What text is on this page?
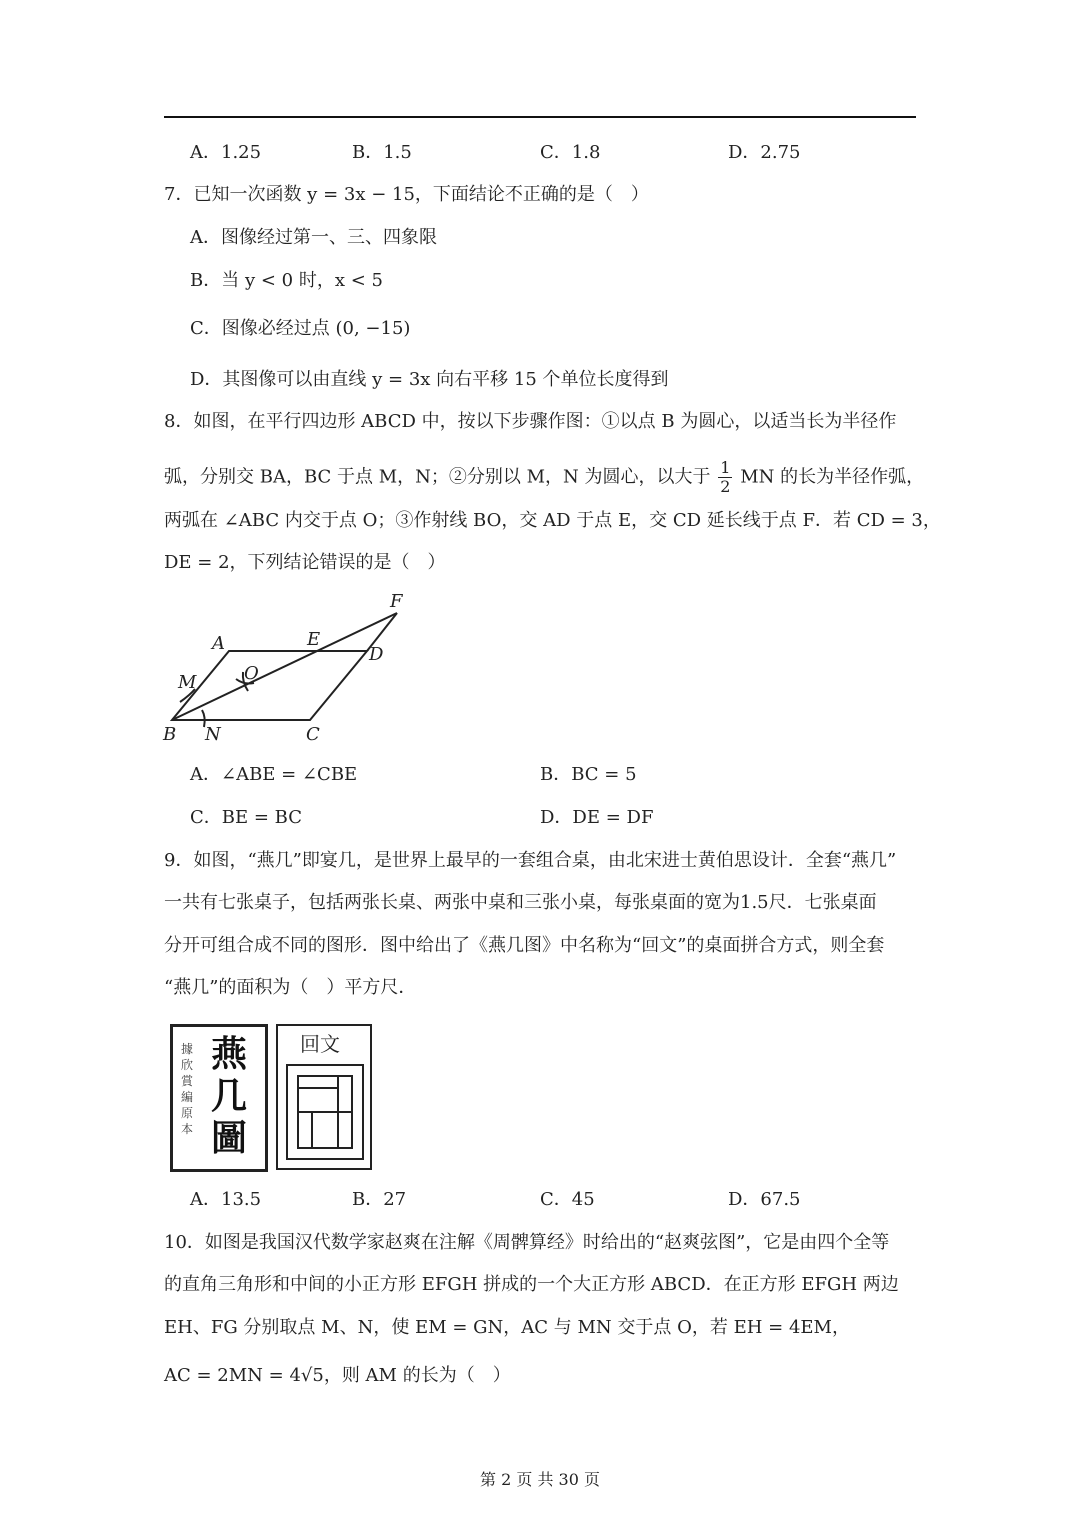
A．1.25	B．1.5	C．1.8	D．2.75
7．已知一次函数 y = 3x − 15，下面结论不正确的是（　）
A．图像经过第一、三、四象限
B．当 y < 0 时，x < 5
C．图像必经过点 (0, −15)
D．其图像可以由直线 y = 3x 向右平移 15 个单位长度得到
8．如图，在平行四边形 ABCD 中，按以下步骤作图：①以点 B 为圆心，以适当长为半径作
弧，分别交 BA，BC 于点 M，N；②分别以 M，N 为圆心，以大于 $\frac{1}{2}$ MN 的长为半径作弧，
两弧在 ∠ABC 内交于点 O；③作射线 BO，交 AD 于点 E，交 CD 延长线于点 F．若 CD = 3，
DE = 2，下列结论错误的是（　）
F
A	E
D
M	O
B N	C
A．∠ABE = ∠CBE	B．BC = 5
C．BE = BC	D．DE = DF
9．如图，“燕几”即宴几，是世界上最早的一套组合桌，由北宋进士黄伯思设计．全套“燕几”
一共有七张桌子，包括两张长桌、两张中桌和三张小桌，每张桌面的宽为1.5尺．七张桌面
分开可组合成不同的图形．图中给出了《燕几图》中名称为“回文”的桌面拼合方式，则全套
“燕几”的面积为（　）平方尺．
據欣賞編原本
燕几圖
回文
A．13.5	B．27	C．45	D．67.5
10．如图是我国汉代数学家赵爽在注解《周髀算经》时给出的“赵爽弦图”，它是由四个全等
的直角三角形和中间的小正方形 EFGH 拼成的一个大正方形 ABCD．在正方形 EFGH 两边
EH、FG 分别取点 M、N，使 EM = GN，AC 与 MN 交于点 O，若 EH = 4EM，
AC = 2MN = 4√5，则 AM 的长为（　）
第 2 页 共 30 页
